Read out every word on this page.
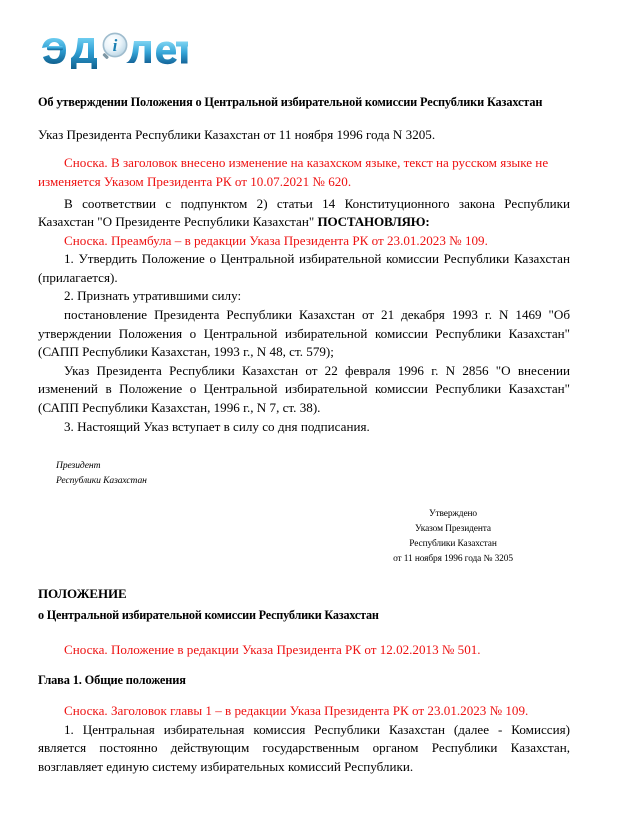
i
Об утверждении Положения о Центральной избирательной комиссии Республики Казахстан

Указ Президента Республики Казахстан от 11 ноября 1996 года N 3205.

Сноска. В заголовок внесено изменение на казахском языке, текст на русском языке не изменяется Указом Президента РК от 10.07.2021 № 620.

В соответствии с подпунктом 2) статьи 14 Конституционного закона Республики Казахстан "О Президенте Республики Казахстан" ПОСТАНОВЛЯЮ:

Сноска. Преамбула – в редакции Указа Президента РК от 23.01.2023 № 109.

1. Утвердить Положение о Центральной избирательной комиссии Республики Казахстан (прилагается).

2. Признать утратившими силу:

постановление Президента Республики Казахстан от 21 декабря 1993 г. N 1469 "Об утверждении Положения о Центральной избирательной комиссии Республики Казахстан" (САПП Республики Казахстан, 1993 г., N 48, ст. 579);

Указ Президента Республики Казахстан от 22 февраля 1996 г. N 2856 "О внесении изменений в Положение о Центральной избирательной комиссии Республики Казахстан" (САПП Республики Казахстан, 1996 г., N 7, ст. 38).

3. Настоящий Указ вступает в силу со дня подписания.

Президент
Республики Казахстан
Утверждено
Указом Президента
Республики Казахстан
от 11 ноября 1996 года № 3205
ПОЛОЖЕНИЕ
о Центральной избирательной комиссии Республики Казахстан

Сноска. Положение в редакции Указа Президента РК от 12.02.2013 № 501.

Глава 1. Общие положения

Сноска. Заголовок главы 1 – в редакции Указа Президента РК от 23.01.2023 № 109.

1. Центральная избирательная комиссия Республики Казахстан (далее - Комиссия) является постоянно действующим государственным органом Республики Казахстан, возглавляет единую систему избирательных комиссий Республики.
